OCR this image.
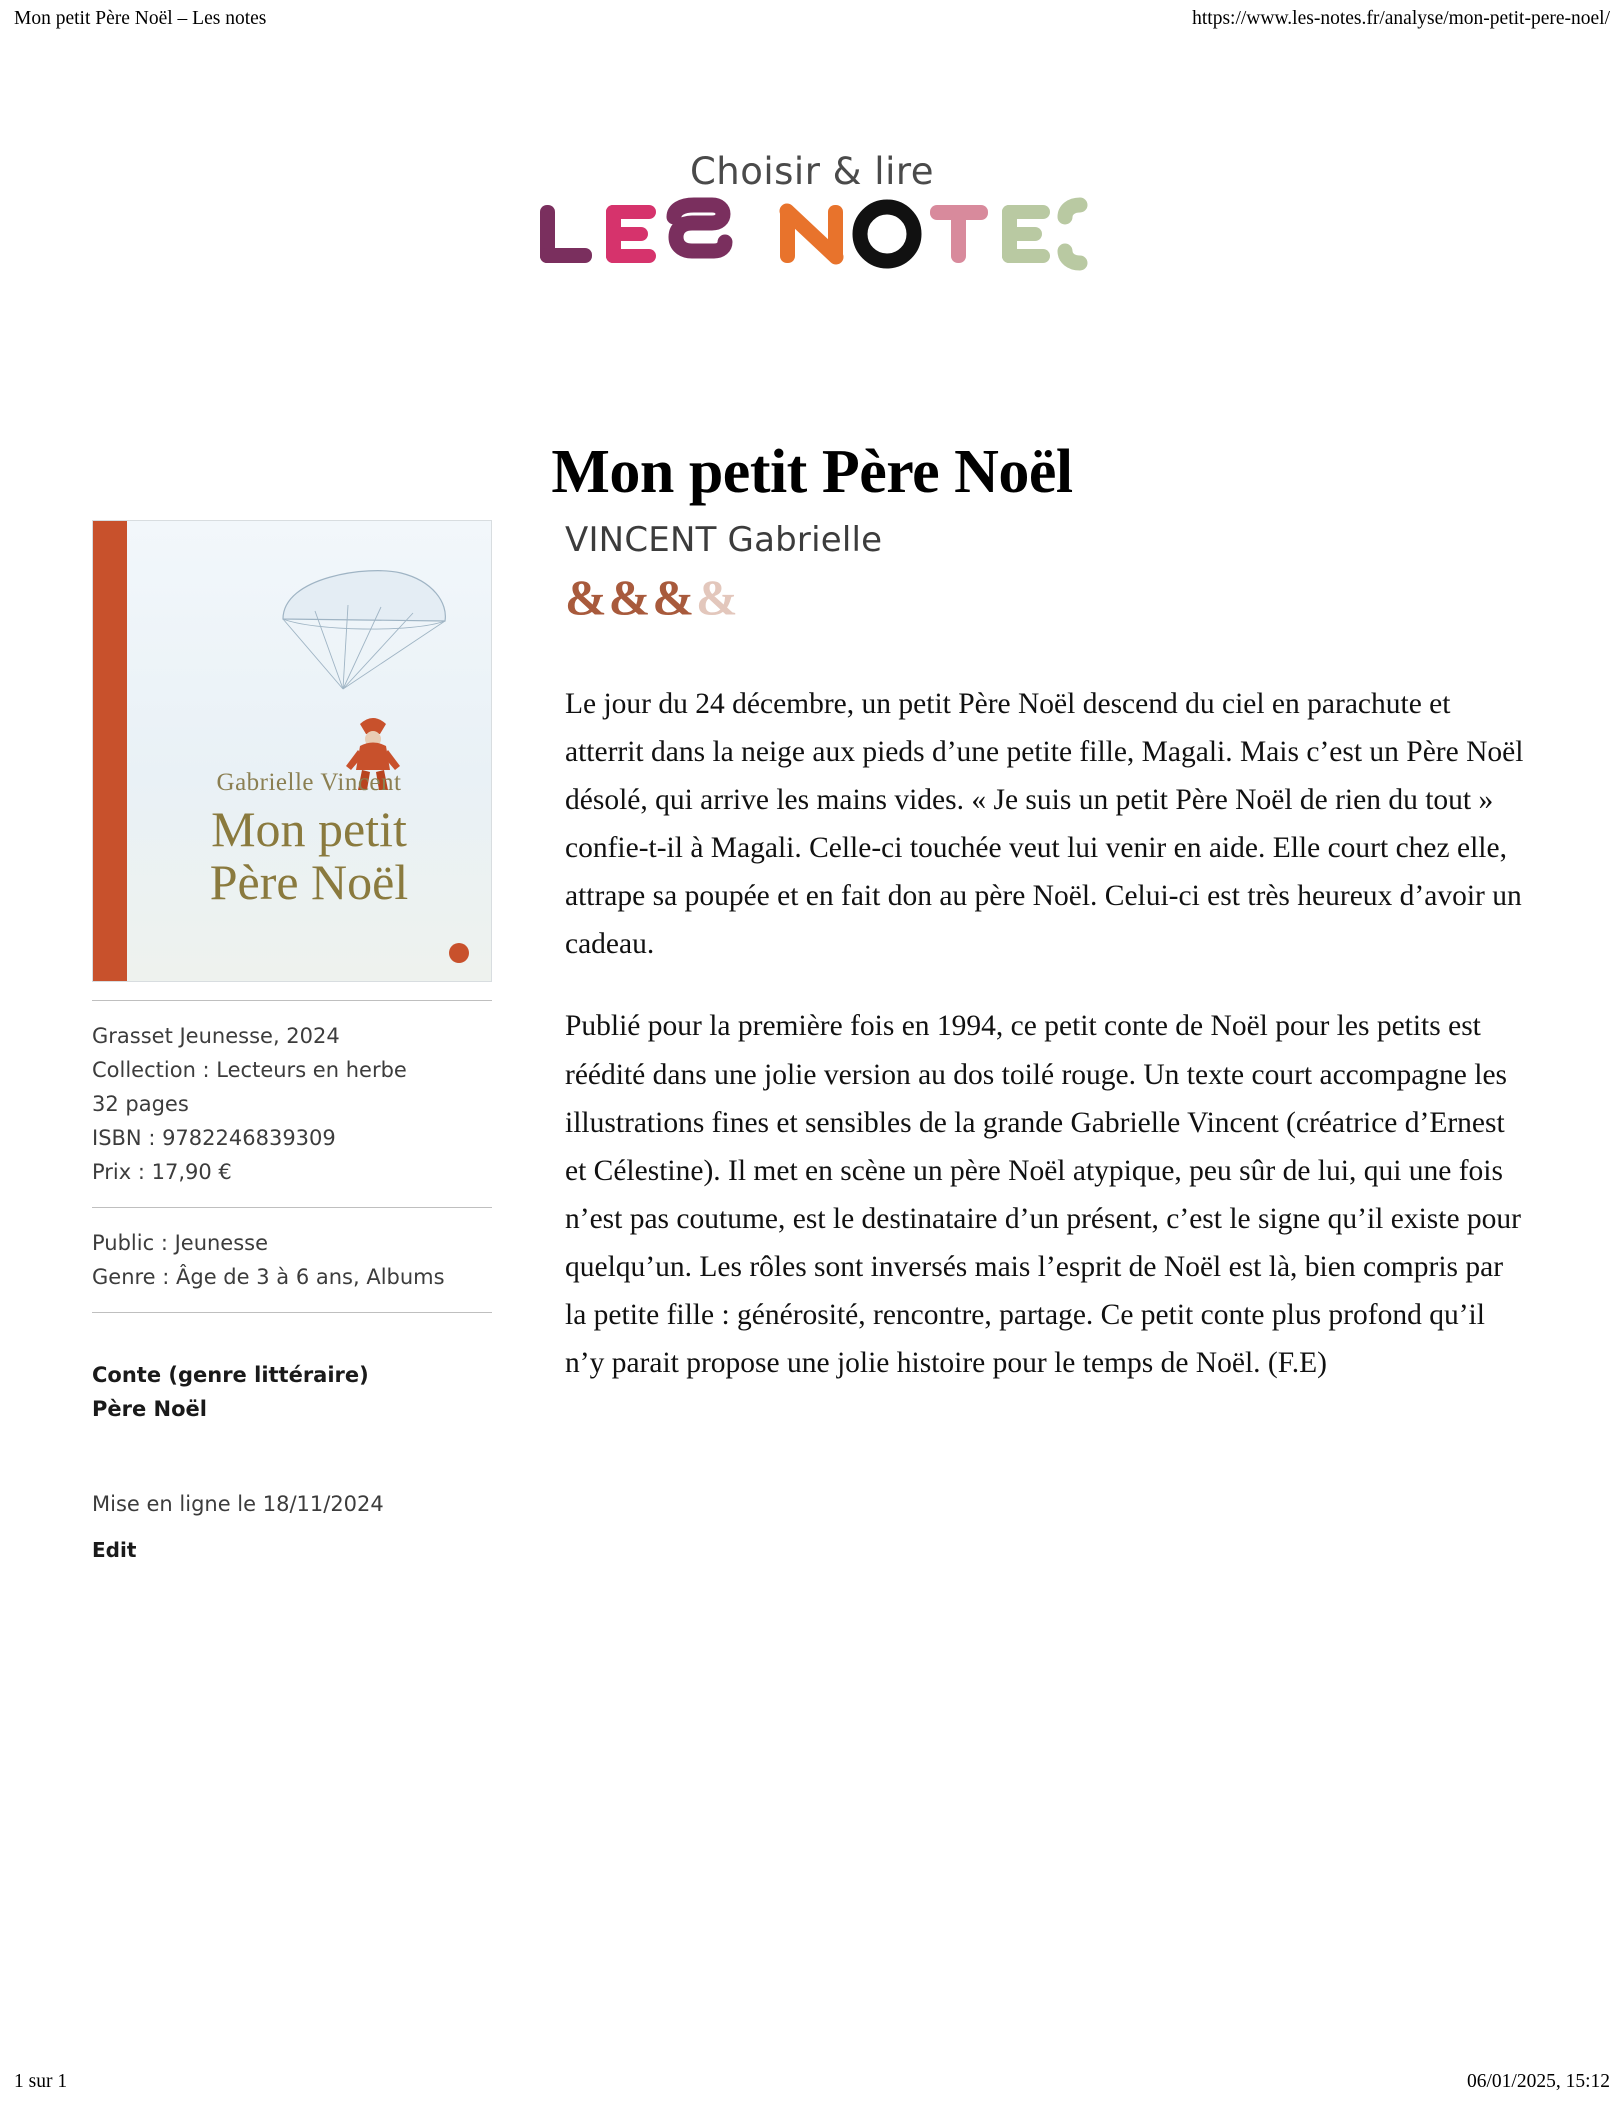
Mon petit Père Noël – Les notes	https://www.les-notes.fr/analyse/mon-petit-pere-noel/
Choisir & lire
Mon petit Père Noël
Gabrielle Vincent
Mon petit
Père Noël
Grasset Jeunesse, 2024
Collection : Lecteurs en herbe
32 pages
ISBN : 9782246839309
Prix : 17,90 €
Public : Jeunesse
Genre : Âge de 3 à 6 ans, Albums
Conte (genre littéraire)
Père Noël
Mise en ligne le 18/11/2024
Edit
VINCENT Gabrielle
&&&&

Le jour du 24 décembre, un petit Père Noël descend du ciel en parachute et atterrit dans la neige aux pieds d’une petite fille, Magali. Mais c’est un Père Noël désolé, qui arrive les mains vides. « Je suis un petit Père Noël de rien du tout » confie-t-il à Magali. Celle-ci touchée veut lui venir en aide. Elle court chez elle, attrape sa poupée et en fait don au père Noël. Celui-ci est très heureux d’avoir un cadeau.

Publié pour la première fois en 1994, ce petit conte de Noël pour les petits est réédité dans une jolie version au dos toilé rouge. Un texte court accompagne les illustrations fines et sensibles de la grande Gabrielle Vincent (créatrice d’Ernest et Célestine). Il met en scène un père Noël atypique, peu sûr de lui, qui une fois n’est pas coutume, est le destinataire d’un présent, c’est le signe qu’il existe pour quelqu’un. Les rôles sont inversés mais l’esprit de Noël est là, bien compris par la petite fille : générosité, rencontre, partage. Ce petit conte plus profond qu’il n’y parait propose une jolie histoire pour le temps de Noël. (F.E)

1 sur 1	06/01/2025, 15:12
